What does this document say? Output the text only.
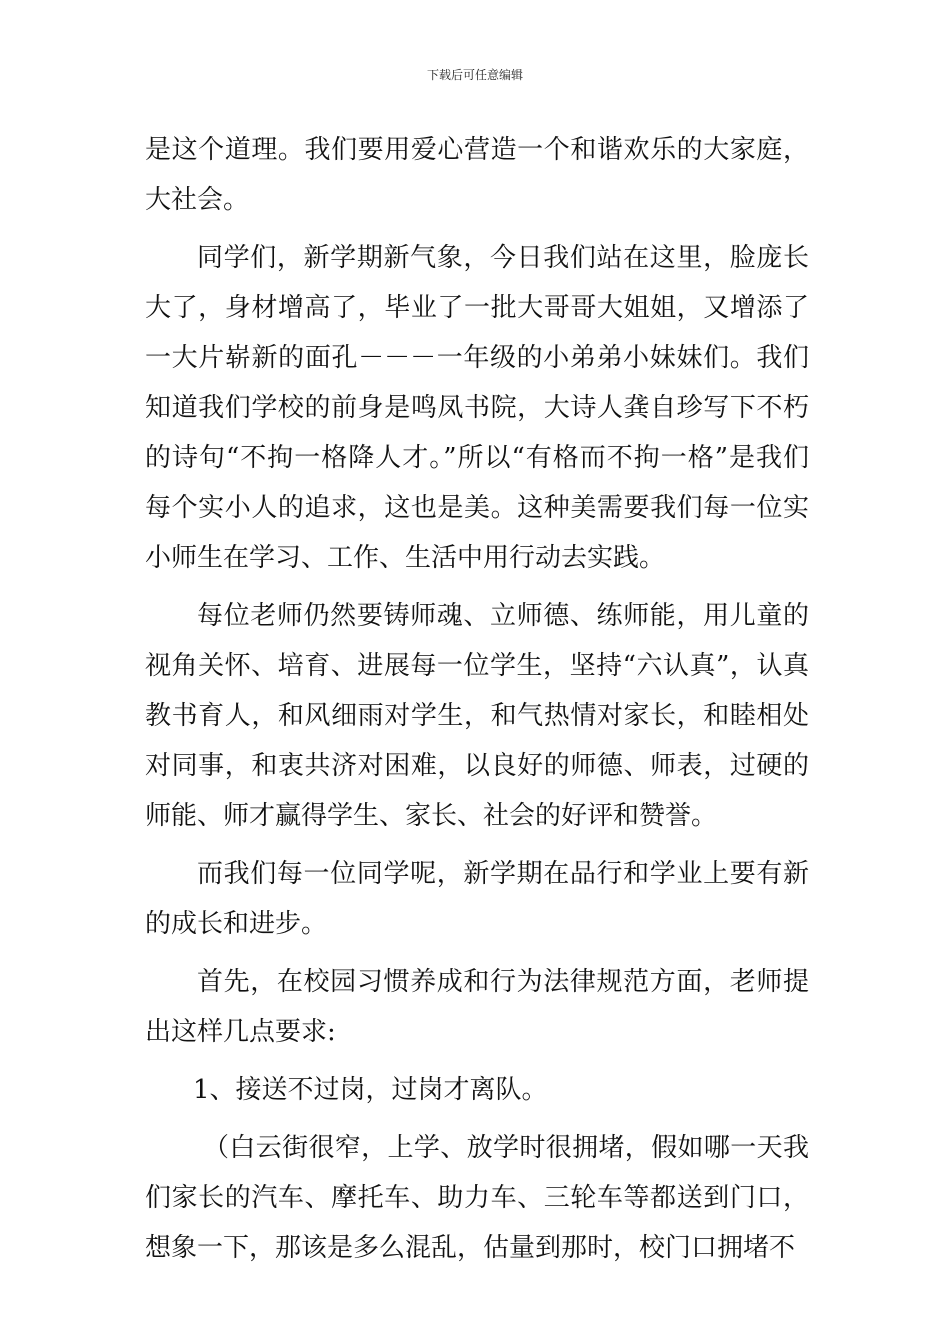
下载后可任意编辑

是这个道理。我们要用爱心营造一个和谐欢乐的大家庭，大社会。

同学们，新学期新气象，今日我们站在这里，脸庞长大了，身材增高了，毕业了一批大哥哥大姐姐，又增添了一大片崭新的面孔－－－一年级的小弟弟小妹妹们。我们知道我们学校的前身是鸣凤书院，大诗人龚自珍写下不朽的诗句“不拘一格降人才。”所以“有格而不拘一格”是我们每个实小人的追求，这也是美。这种美需要我们每一位实小师生在学习、工作、生活中用行动去实践。

每位老师仍然要铸师魂、立师德、练师能，用儿童的视角关怀、培育、进展每一位学生，坚持“六认真”，认真教书育人，和风细雨对学生，和气热情对家长，和睦相处对同事，和衷共济对困难，以良好的师德、师表，过硬的师能、师才赢得学生、家长、社会的好评和赞誉。

而我们每一位同学呢，新学期在品行和学业上要有新的成长和进步。

首先，在校园习惯养成和行为法律规范方面，老师提出这样几点要求:

1、接送不过岗，过岗才离队。

（白云街很窄，上学、放学时很拥堵，假如哪一天我们家长的汽车、摩托车、助力车、三轮车等都送到门口，想象一下，那该是多么混乱，估量到那时，校门口拥堵不
